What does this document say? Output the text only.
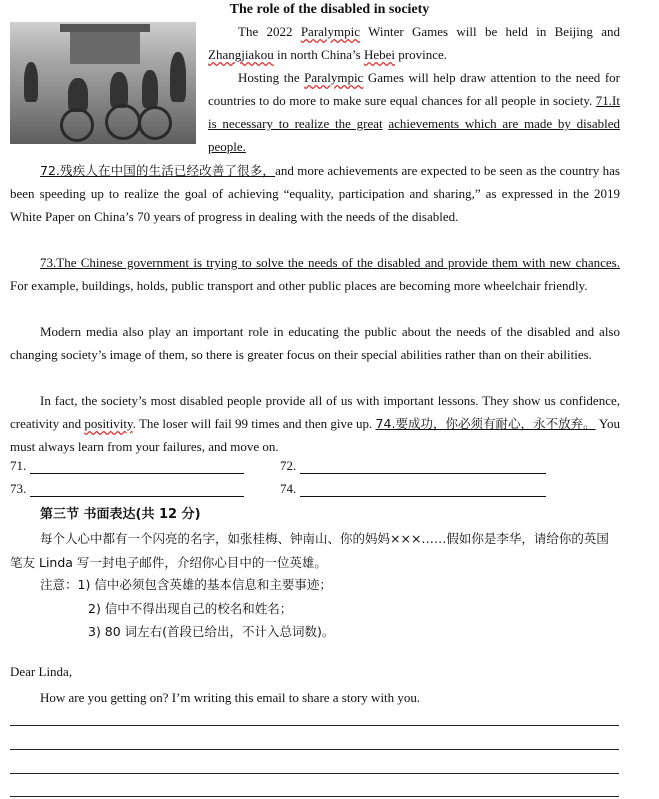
The role of the disabled in society
The 2022 Paralympic Winter Games will be held in Beijing and Zhangjiakou in north China’s Hebei province.
Hosting the Paralympic Games will help draw attention to the need for countries to do more to make sure equal chances for all people in society. 71.It is necessary to realize the great achievements which are made by disabled people.
72.残疾人在中国的生活已经改善了很多，and more achievements are expected to be seen as the country has been speeding up to realize the goal of achieving “equality, participation and sharing,” as expressed in the 2019 White Paper on China’s 70 years of progress in dealing with the needs of the disabled.
73.The Chinese government is trying to solve the needs of the disabled and provide them with new chances. For example, buildings, holds, public transport and other public places are becoming more wheelchair friendly.
Modern media also play an important role in educating the public about the needs of the disabled and also changing society’s image of them, so there is greater focus on their special abilities rather than on their abilities.
In fact, the society’s most disabled people provide all of us with important lessons. They show us confidence, creativity and positivity. The loser will fail 99 times and then give up. 74.要成功，你必须有耐心，永不放弃。 You must always learn from your failures, and move on.
71.	72.
73.	74.
第三节 书面表达(共 12 分)
每个人心中都有一个闪亮的名字，如张桂梅、钟南山、你的妈妈×××……假如你是李华，请给你的英国笔友 Linda 写一封电子邮件，介绍你心目中的一位英雄。
注意：1) 信中必须包含英雄的基本信息和主要事迹；
2) 信中不得出现自己的校名和姓名；
3) 80 词左右(首段已给出，不计入总词数)。
Dear Linda,
How are you getting on? I’m writing this email to share a story with you.
